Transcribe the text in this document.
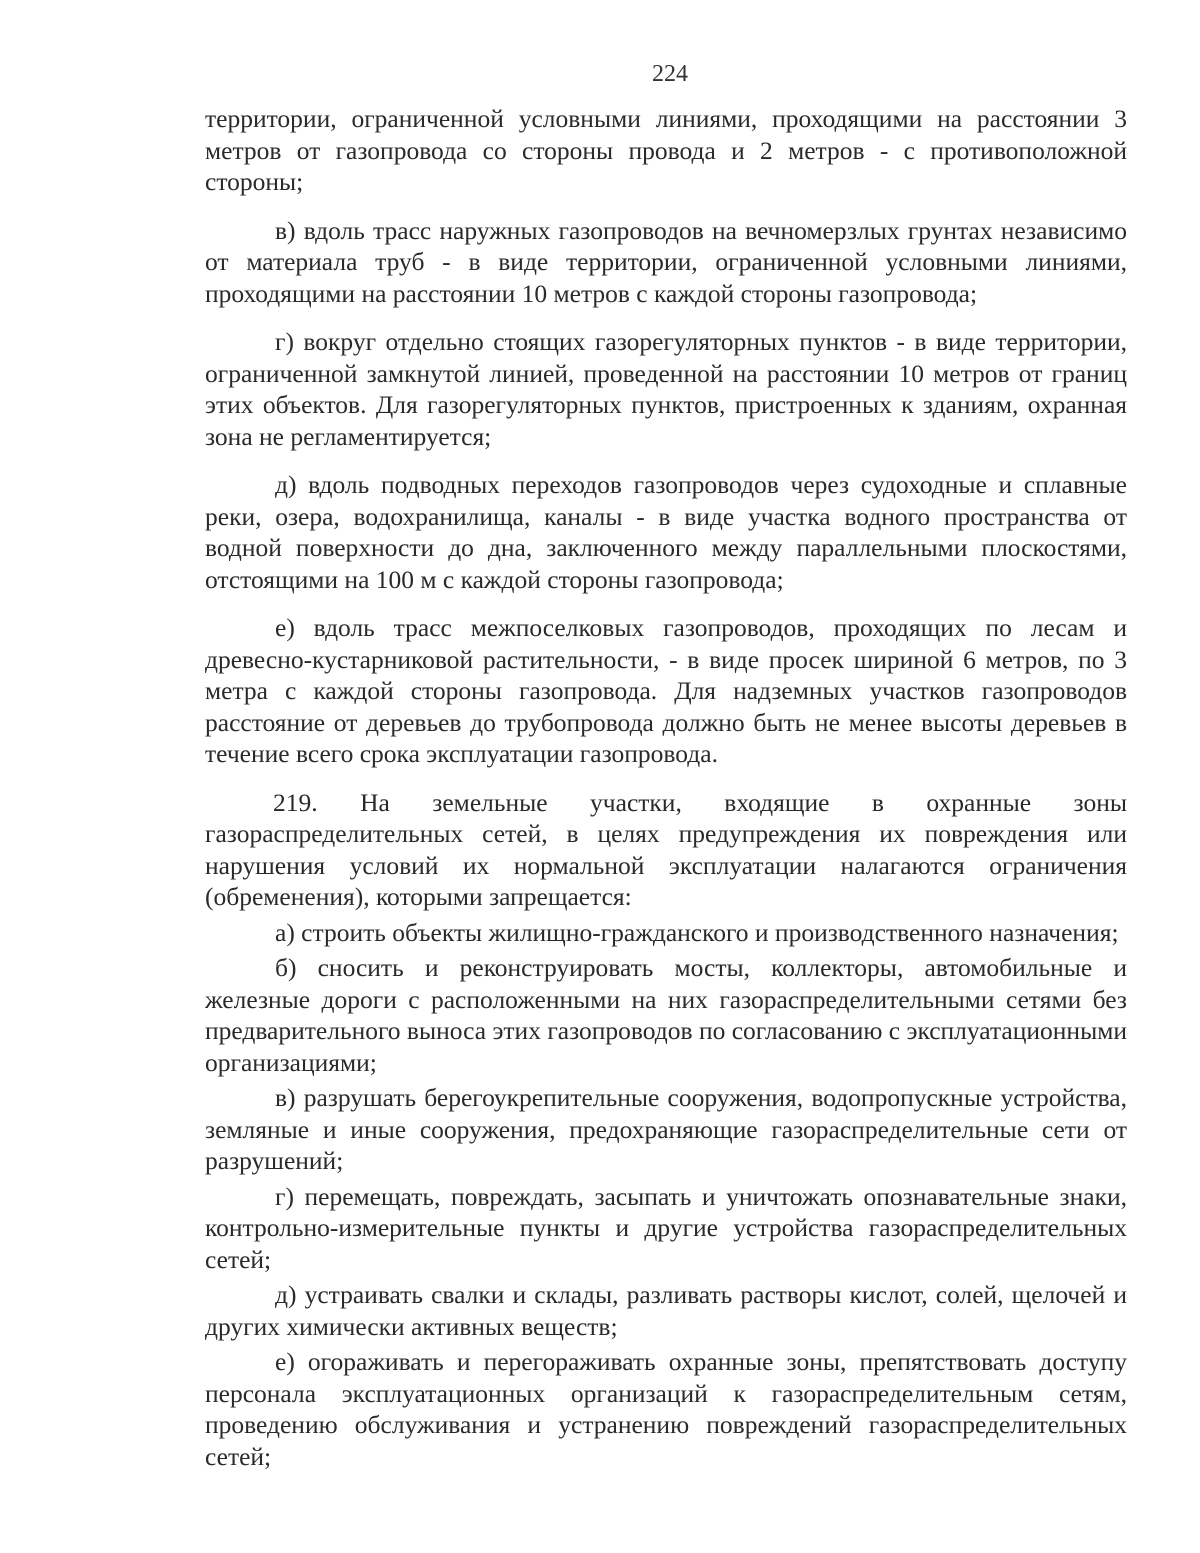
224

территории, ограниченной условными линиями, проходящими на расстоянии 3 метров от газопровода со стороны провода и 2 метров - с противоположной стороны;

в) вдоль трасс наружных газопроводов на вечномерзлых грунтах независимо от материала труб - в виде территории, ограниченной условными линиями, проходящими на расстоянии 10 метров с каждой стороны газопровода;

г) вокруг отдельно стоящих газорегуляторных пунктов - в виде территории, ограниченной замкнутой линией, проведенной на расстоянии 10 метров от границ этих объектов. Для газорегуляторных пунктов, пристроенных к зданиям, охранная зона не регламентируется;

д) вдоль подводных переходов газопроводов через судоходные и сплавные реки, озера, водохранилища, каналы - в виде участка водного пространства от водной поверхности до дна, заключенного между параллельными плоскостями, отстоящими на 100 м с каждой стороны газопровода;

е) вдоль трасс межпоселковых газопроводов, проходящих по лесам и древесно-кустарниковой растительности, - в виде просек шириной 6 метров, по 3 метра с каждой стороны газопровода. Для надземных участков газопроводов расстояние от деревьев до трубопровода должно быть не менее высоты деревьев в течение всего срока эксплуатации газопровода.

219. На земельные участки, входящие в охранные зоны газораспределительных сетей, в целях предупреждения их повреждения или нарушения условий их нормальной эксплуатации налагаются ограничения (обременения), которыми запрещается:

а) строить объекты жилищно-гражданского и производственного назначения;

б) сносить и реконструировать мосты, коллекторы, автомобильные и железные дороги с расположенными на них газораспределительными сетями без предварительного выноса этих газопроводов по согласованию с эксплуатационными организациями;

в) разрушать берегоукрепительные сооружения, водопропускные устройства, земляные и иные сооружения, предохраняющие газораспределительные сети от разрушений;

г) перемещать, повреждать, засыпать и уничтожать опознавательные знаки, контрольно-измерительные пункты и другие устройства газораспределительных сетей;

д) устраивать свалки и склады, разливать растворы кислот, солей, щелочей и других химически активных веществ;

е) огораживать и перегораживать охранные зоны, препятствовать доступу персонала эксплуатационных организаций к газораспределительным сетям, проведению обслуживания и устранению повреждений газораспределительных сетей;
